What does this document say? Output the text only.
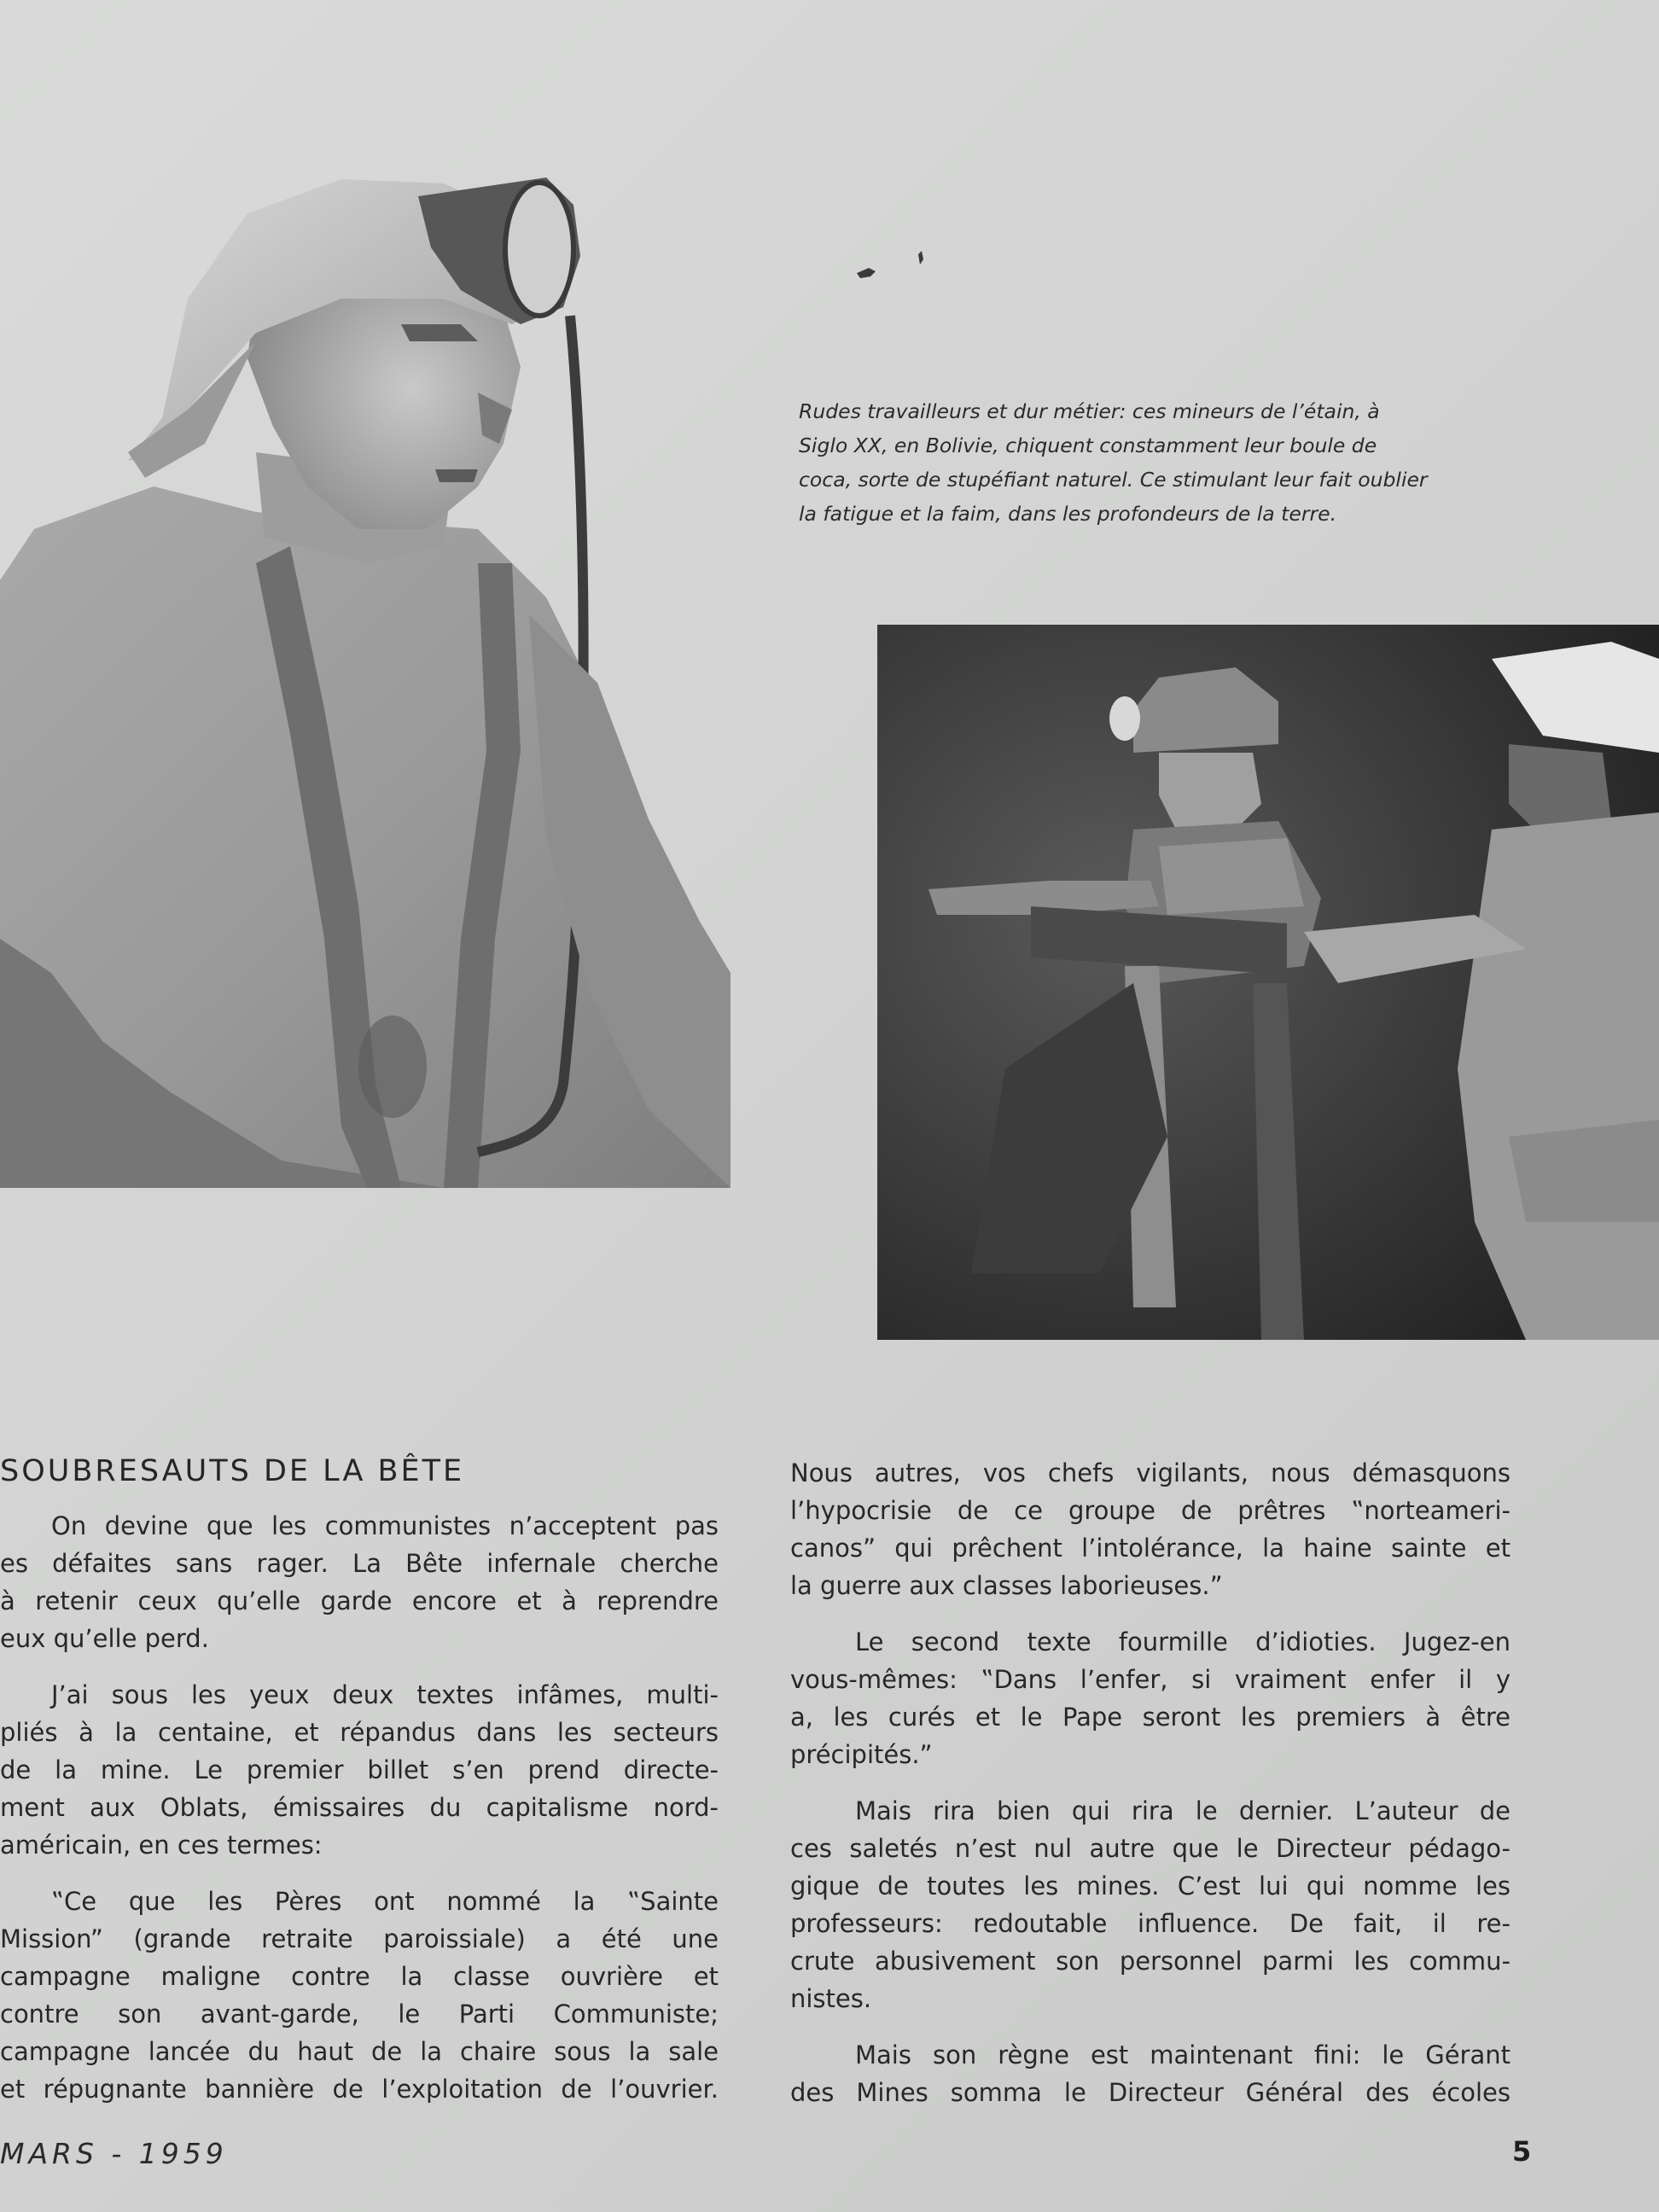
Rudes travailleurs et dur métier: ces mineurs de l’étain, à
Siglo XX, en Bolivie, chiquent constamment leur boule de
coca, sorte de stupéfiant naturel. Ce stimulant leur fait oublier
la fatigue et la faim, dans les profondeurs de la terre.
SOUBRESAUTS DE LA BÊTE
On devine que les communistes n’acceptent pas
es défaites sans rager. La Bête infernale cherche
à retenir ceux qu’elle garde encore et à reprendre
eux qu’elle perd.
J’ai sous les yeux deux textes infâmes, multi-
pliés à la centaine, et répandus dans les secteurs
de la mine. Le premier billet s’en prend directe-
ment aux Oblats, émissaires du capitalisme nord-
américain, en ces termes:
‟Ce que les Pères ont nommé la ‟Sainte
Mission” (grande retraite paroissiale) a été une
campagne maligne contre la classe ouvrière et
contre son avant-garde, le Parti Communiste;
campagne lancée du haut de la chaire sous la sale
et répugnante bannière de l’exploitation de l’ouvrier.
Nous autres, vos chefs vigilants, nous démasquons
l’hypocrisie de ce groupe de prêtres ‟norteameri-
canos” qui prêchent l’intolérance, la haine sainte et
la guerre aux classes laborieuses.”
Le second texte fourmille d’idioties. Jugez-en
vous-mêmes: ‟Dans l’enfer, si vraiment enfer il y
a, les curés et le Pape seront les premiers à être
précipités.”
Mais rira bien qui rira le dernier. L’auteur de
ces saletés n’est nul autre que le Directeur pédago-
gique de toutes les mines. C’est lui qui nomme les
professeurs: redoutable influence. De fait, il re-
crute abusivement son personnel parmi les commu-
nistes.
Mais son règne est maintenant fini: le Gérant
des Mines somma le Directeur Général des écoles
MARS - 1959	5
